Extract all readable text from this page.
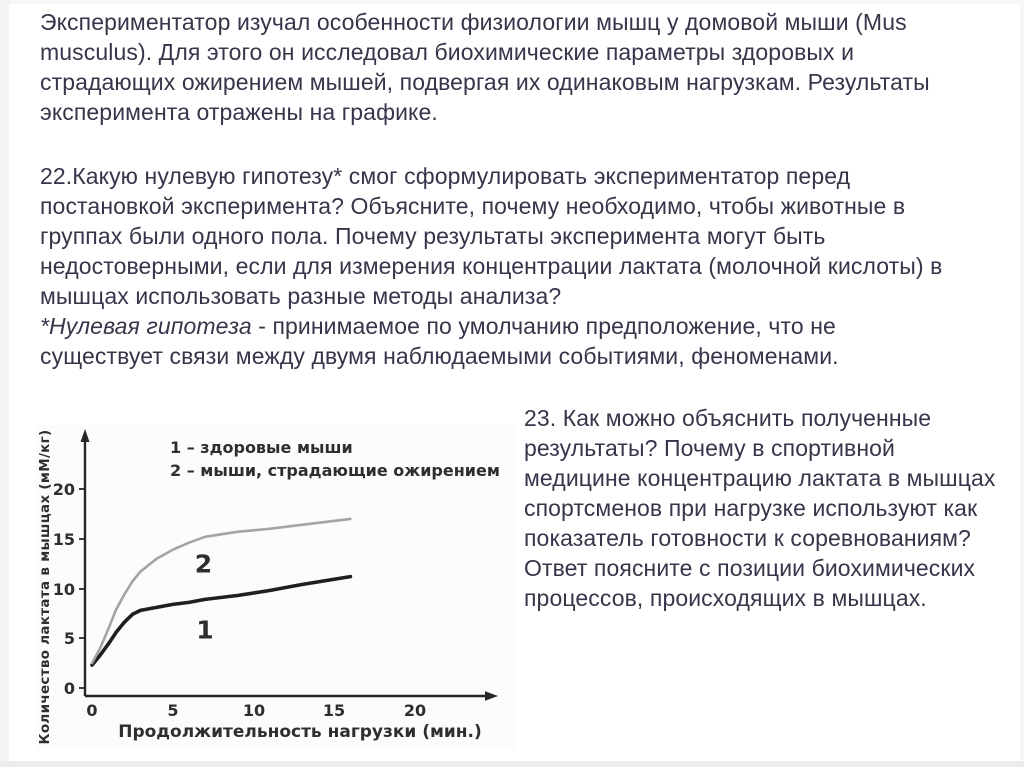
Экспериментатор изучал особенности физиологии мышц у домовой мыши (Mus musculus). Для этого он исследовал биохимические параметры здоровых и страдающих ожирением мышей, подвергая их одинаковым нагрузкам. Результаты эксперимента отражены на графике.

22.Какую нулевую гипотезу* смог сформулировать экспериментатор перед постановкой эксперимента? Объясните, почему необходимо, чтобы животные в группах были одного пола. Почему результаты эксперимента могут быть недостоверными, если для измерения концентрации лактата (молочной кислоты) в мышцах использовать разные методы анализа?

*Нулевая гипотеза - принимаемое по умолчанию предположение, что не существует связи между двумя наблюдаемыми событиями, феноменами.

23. Как можно объяснить полученные результаты? Почему в спортивной медицине концентрацию лактата в мышцах спортсменов при нагрузке используют как показатель готовности к соревнованиям? Ответ поясните с позиции биохимических процессов, происходящих в мышцах.

20
15
10
5
0
0	5	10	15	20
1 – здоровые мыши
2 – мыши, страдающие ожирением
1
2
Продолжительность нагрузки (мин.)
Количество лактата в мышцах (мМ/кг)
